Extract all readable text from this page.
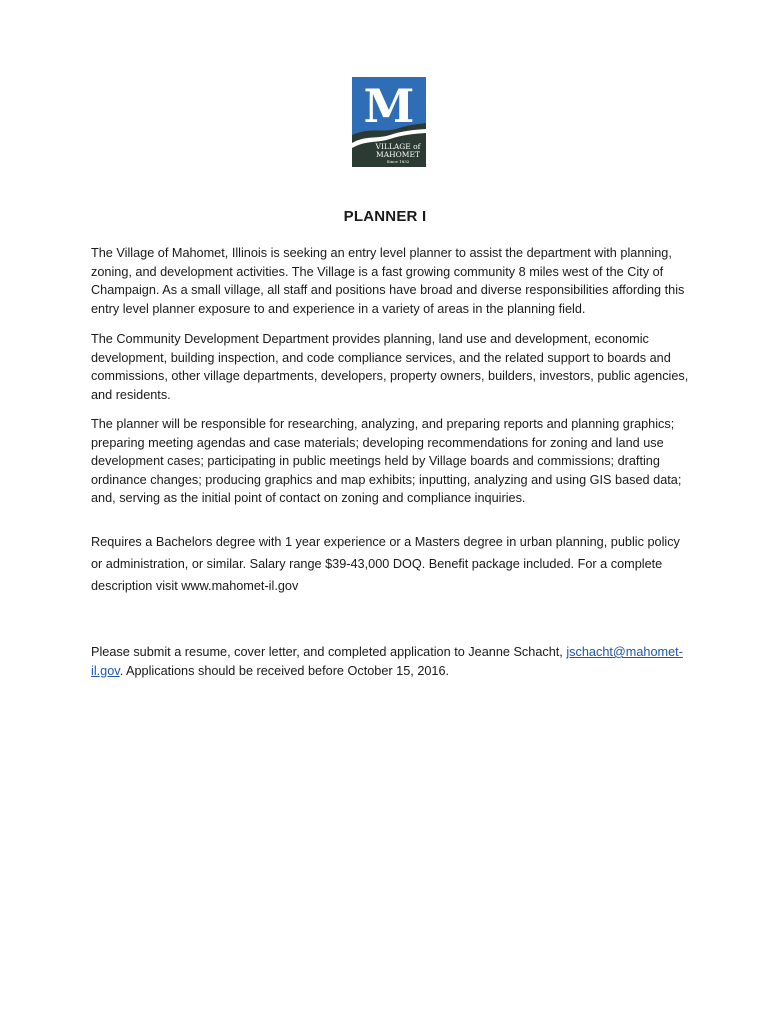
M
VILLAGE of
MAHOMET
Since 1832
PLANNER I

The Village of Mahomet, Illinois is seeking an entry level planner to assist the department with planning, zoning, and development activities. The Village is a fast growing community 8 miles west of the City of Champaign. As a small village, all staff and positions have broad and diverse responsibilities affording this entry level planner exposure to and experience in a variety of areas in the planning field.

The Community Development Department provides planning, land use and development, economic development, building inspection, and code compliance services, and the related support to boards and commissions, other village departments, developers, property owners, builders, investors, public agencies, and residents.

The planner will be responsible for researching, analyzing, and preparing reports and planning graphics; preparing meeting agendas and case materials; developing recommendations for zoning and land use development cases; participating in public meetings held by Village boards and commissions; drafting ordinance changes; producing graphics and map exhibits; inputting, analyzing and using GIS based data; and, serving as the initial point of contact on zoning and compliance inquiries.

Requires a Bachelors degree with 1 year experience or a Masters degree in urban planning, public policy or administration, or similar. Salary range $39-43,000 DOQ. Benefit package included. For a complete description visit www.mahomet-il.gov

Please submit a resume, cover letter, and completed application to Jeanne Schacht, jschacht@mahomet-il.gov. Applications should be received before October 15, 2016.
